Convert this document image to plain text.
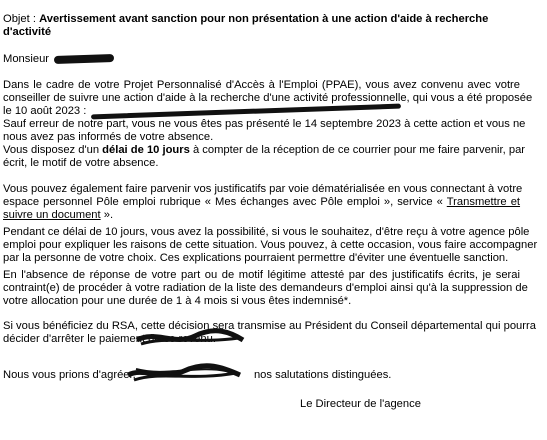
Objet : Avertissement avant sanction pour non présentation à une action d'aide à recherche
d'activité
Monsieur
Dans le cadre de votre Projet Personnalisé d'Accès à l'Emploi (PPAE), vous avez convenu avec votre
conseiller de suivre une action d'aide à la recherche d'une activité professionnelle, qui vous a été proposée
le 10 août 2023 :
Sauf erreur de notre part, vous ne vous êtes pas présenté le 14 septembre 2023 à cette action et vous ne
nous avez pas informés de votre absence.
Vous disposez d'un délai de 10 jours à compter de la réception de ce courrier pour me faire parvenir, par
écrit, le motif de votre absence.
Vous pouvez également faire parvenir vos justificatifs par voie dématérialisée en vous connectant à votre
espace personnel Pôle emploi rubrique « Mes échanges avec Pôle emploi », service « Transmettre et
suivre un document ».
Pendant ce délai de 10 jours, vous avez la possibilité, si vous le souhaitez, d'être reçu à votre agence pôle
emploi pour expliquer les raisons de cette situation. Vous pouvez, à cette occasion, vous faire accompagner
par la personne de votre choix. Ces explications pourraient permettre d'éviter une éventuelle sanction.
En l'absence de réponse de votre part ou de motif légitime attesté par des justificatifs écrits, je serai
contraint(e) de procéder à votre radiation de la liste des demandeurs d'emploi ainsi qu'à la suppression de
votre allocation pour une durée de 1 à 4 mois si vous êtes indemnisé*.
Si vous bénéficiez du RSA, cette décision sera transmise au Président du Conseil départemental qui pourra
décider d'arrêter le paiement de ce revenu.
Nous vous prions d'agréer,	nos salutations distinguées.
Le Directeur de l'agence
